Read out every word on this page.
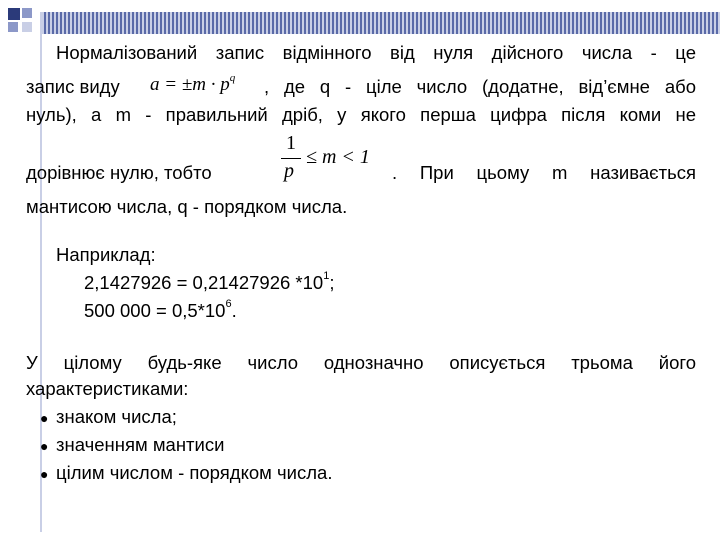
Нормалізований запис відмінного від нуля дійсного числа - це
запис виду $a = \pm m \cdot p^q$ , де q - ціле число (додатне, від’ємне або
нуль), а m - правильний дріб, у якого перша цифра після коми не
дорівнює нулю, тобто
1
p
≤ m < 1
. При цьому m називається
мантисою числа, q - порядком числа.
Наприклад:
2,1427926 = 0,21427926 $*10^1$;
500 $000 = 0,5*10^6$.
У цілому будь-яке число однозначно описується трьома його
характеристиками:
● знаком числа;
● значенням мантиси
● цілим числом - порядком числа.
